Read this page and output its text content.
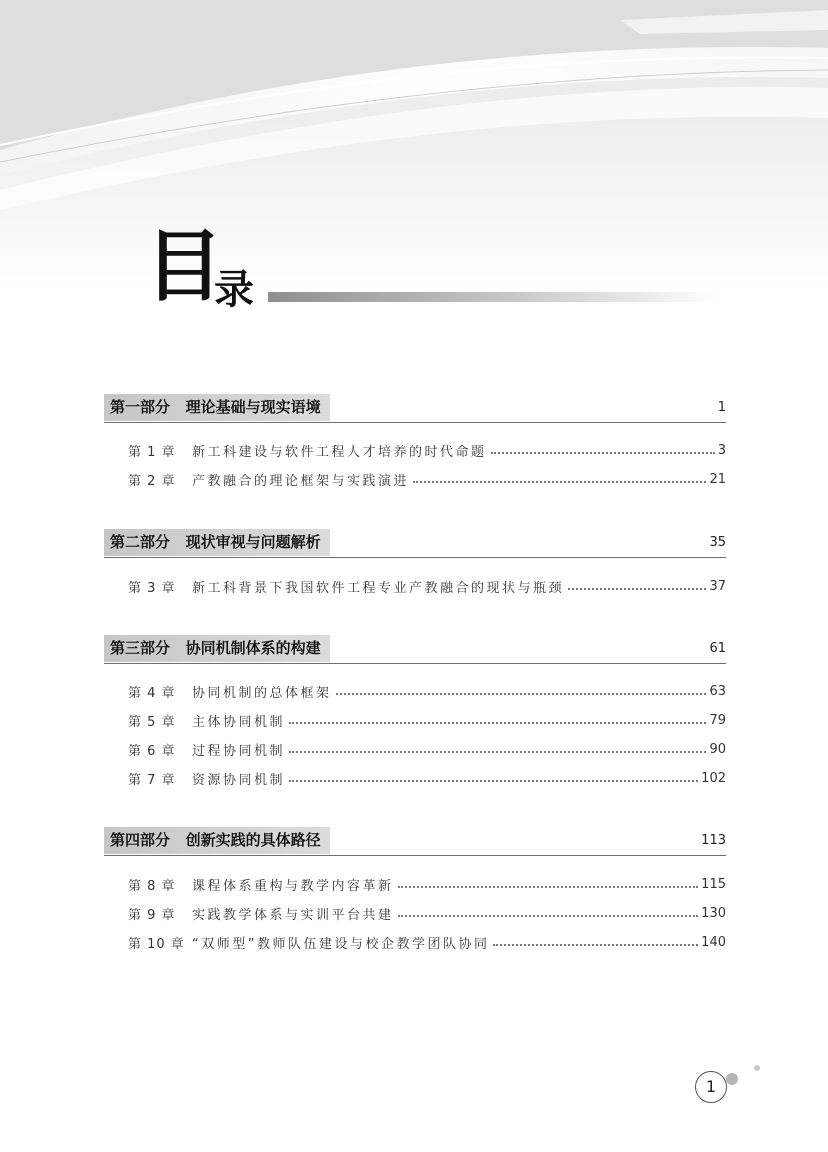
目
录
第一部分   理论基础与现实语境	1
第 1 章	新工科建设与软件工程人才培养的时代命题	3
第 2 章	产教融合的理论框架与实践演进	21
第二部分   现状审视与问题解析	35
第 3 章	新工科背景下我国软件工程专业产教融合的现状与瓶颈	37
第三部分   协同机制体系的构建	61
第 4 章	协同机制的总体框架	63
第 5 章	主体协同机制	79
第 6 章	过程协同机制	90
第 7 章	资源协同机制	102
第四部分   创新实践的具体路径	113
第 8 章	课程体系重构与教学内容革新	115
第 9 章	实践教学体系与实训平台共建	130
第 10 章 “双师型”教师队伍建设与校企教学团队协同	140
1
